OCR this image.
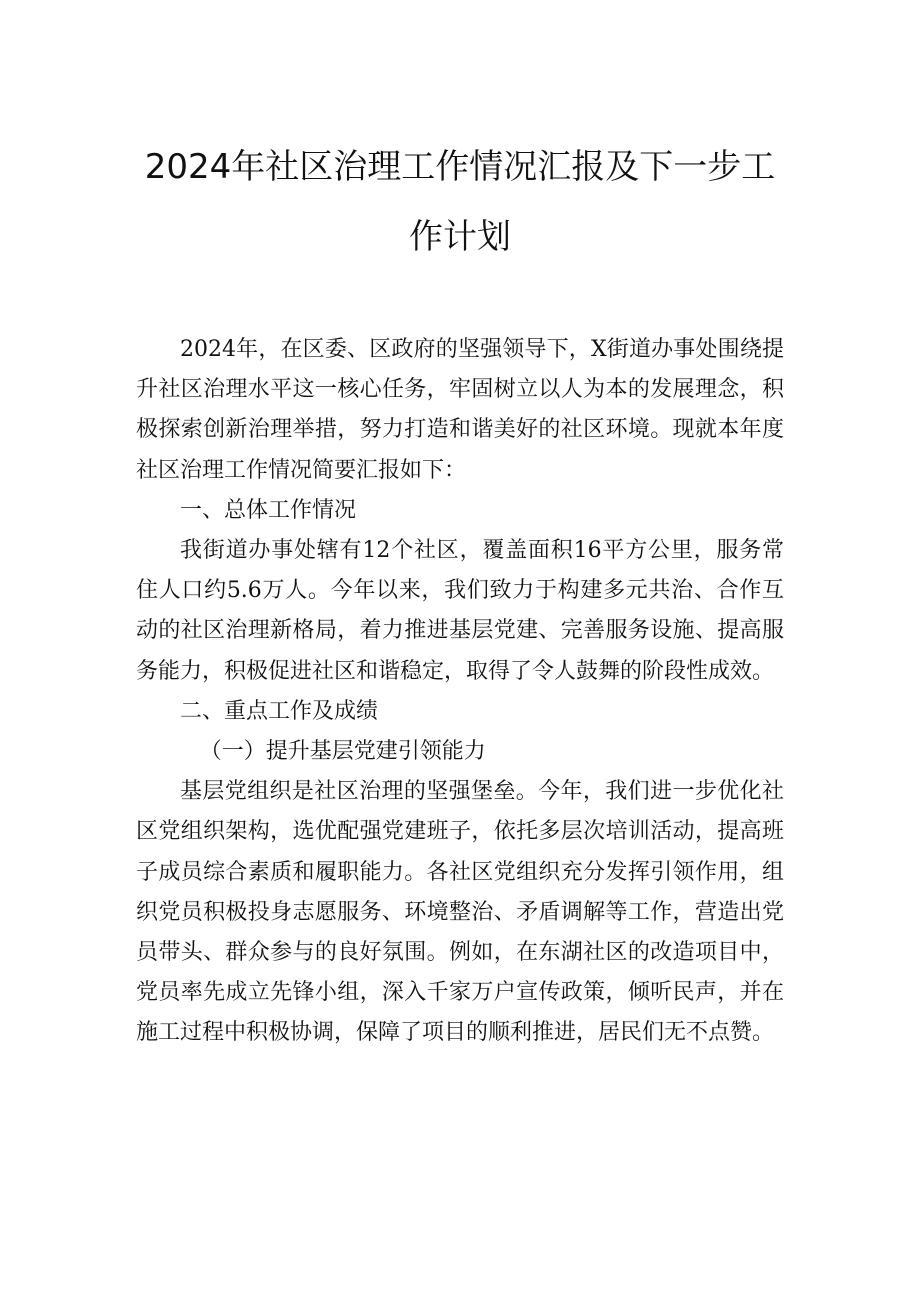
2024年社区治理工作情况汇报及下一步工
作计划

2024年，在区委、区政府的坚强领导下，X街道办事处围绕提升社区治理水平这一核心任务，牢固树立以人为本的发展理念，积极探索创新治理举措，努力打造和谐美好的社区环境。现就本年度社区治理工作情况简要汇报如下：

一、总体工作情况

我街道办事处辖有12个社区，覆盖面积16平方公里，服务常住人口约5.6万人。今年以来，我们致力于构建多元共治、合作互动的社区治理新格局，着力推进基层党建、完善服务设施、提高服务能力，积极促进社区和谐稳定，取得了令人鼓舞的阶段性成效。

二、重点工作及成绩

（一）提升基层党建引领能力

基层党组织是社区治理的坚强堡垒。今年，我们进一步优化社区党组织架构，选优配强党建班子，依托多层次培训活动，提高班子成员综合素质和履职能力。各社区党组织充分发挥引领作用，组织党员积极投身志愿服务、环境整治、矛盾调解等工作，营造出党员带头、群众参与的良好氛围。例如，在东湖社区的改造项目中，党员率先成立先锋小组，深入千家万户宣传政策，倾听民声，并在施工过程中积极协调，保障了项目的顺利推进，居民们无不点赞。
